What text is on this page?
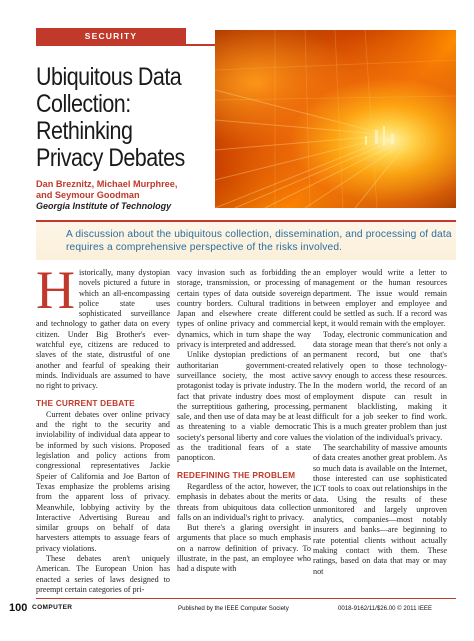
SECURITY
Ubiquitous Data
Collection: Rethinking
Privacy Debates
Dan Breznitz, Michael Murphree,
and Seymour Goodman
Georgia Institute of Technology
A discussion about the ubiquitous collection, dissemination, and processing of data requires a comprehensive perspective of the risks involved.

Historically, many dystopian novels pictured a future in which an all-encompassing police state uses sophisticated surveillance and technology to gather data on every citizen. Under Big Brother's ever-watchful eye, citizens are reduced to slaves of the state, distrustful of one another and fearful of speaking their minds. Individuals are assumed to have no right to privacy.

THE CURRENT DEBATE

Current debates over online privacy and the right to the security and inviolability of individual data appear to be informed by such visions. Proposed legislation and policy actions from congressional representatives Jackie Speier of California and Joe Barton of Texas emphasize the problems arising from the apparent loss of privacy. Meanwhile, lobbying activity by the Interactive Advertising Bureau and similar groups on behalf of data harvesters attempts to assuage fears of privacy violations.

These debates aren't uniquely American. The European Union has enacted a series of laws designed to preempt certain categories of pri-

vacy invasion such as forbidding the storage, transmission, or processing of certain types of data outside sovereign country borders. Cultural traditions in Japan and elsewhere create different types of online privacy and commercial dynamics, which in turn shape the way privacy is interpreted and addressed.

Unlike dystopian predictions of an authoritarian government-created surveillance society, the most active protagonist today is private industry. The fact that private industry does most of the surreptitious gathering, processing, sale, and then use of data may be at least as threatening to a viable democratic society's personal liberty and core values as the traditional fears of a state panopticon.

REDEFINING THE PROBLEM

Regardless of the actor, however, the emphasis in debates about the merits or threats from ubiquitous data collection falls on an individual's right to privacy.

But there's a glaring oversight in arguments that place so much emphasis on a narrow definition of privacy. To illustrate, in the past, an employee who had a dispute with

an employer would write a letter to management or the human resources department. The issue would remain between employer and employee and could be settled as such. If a record was kept, it would remain with the employer.

Today, electronic communication and data storage mean that there's not only a permanent record, but one that's relatively open to those technology-savvy enough to access these resources. In the modern world, the record of an employment dispute can result in permanent blacklisting, making it difficult for a job seeker to find work. This is a much greater problem than just the violation of the individual's privacy.

The searchability of massive amounts of data creates another great problem. As so much data is available on the Internet, those interested can use sophisticated ICT tools to coax out relationships in the data. Using the results of these unmonitored and largely unproven analytics, companies—most notably insurers and banks—are beginning to rate potential clients without actually making contact with them. These ratings, based on data that may or may not

100 COMPUTER	Published by the IEEE Computer Society	0018-9162/11/$26.00 © 2011 IEEE
